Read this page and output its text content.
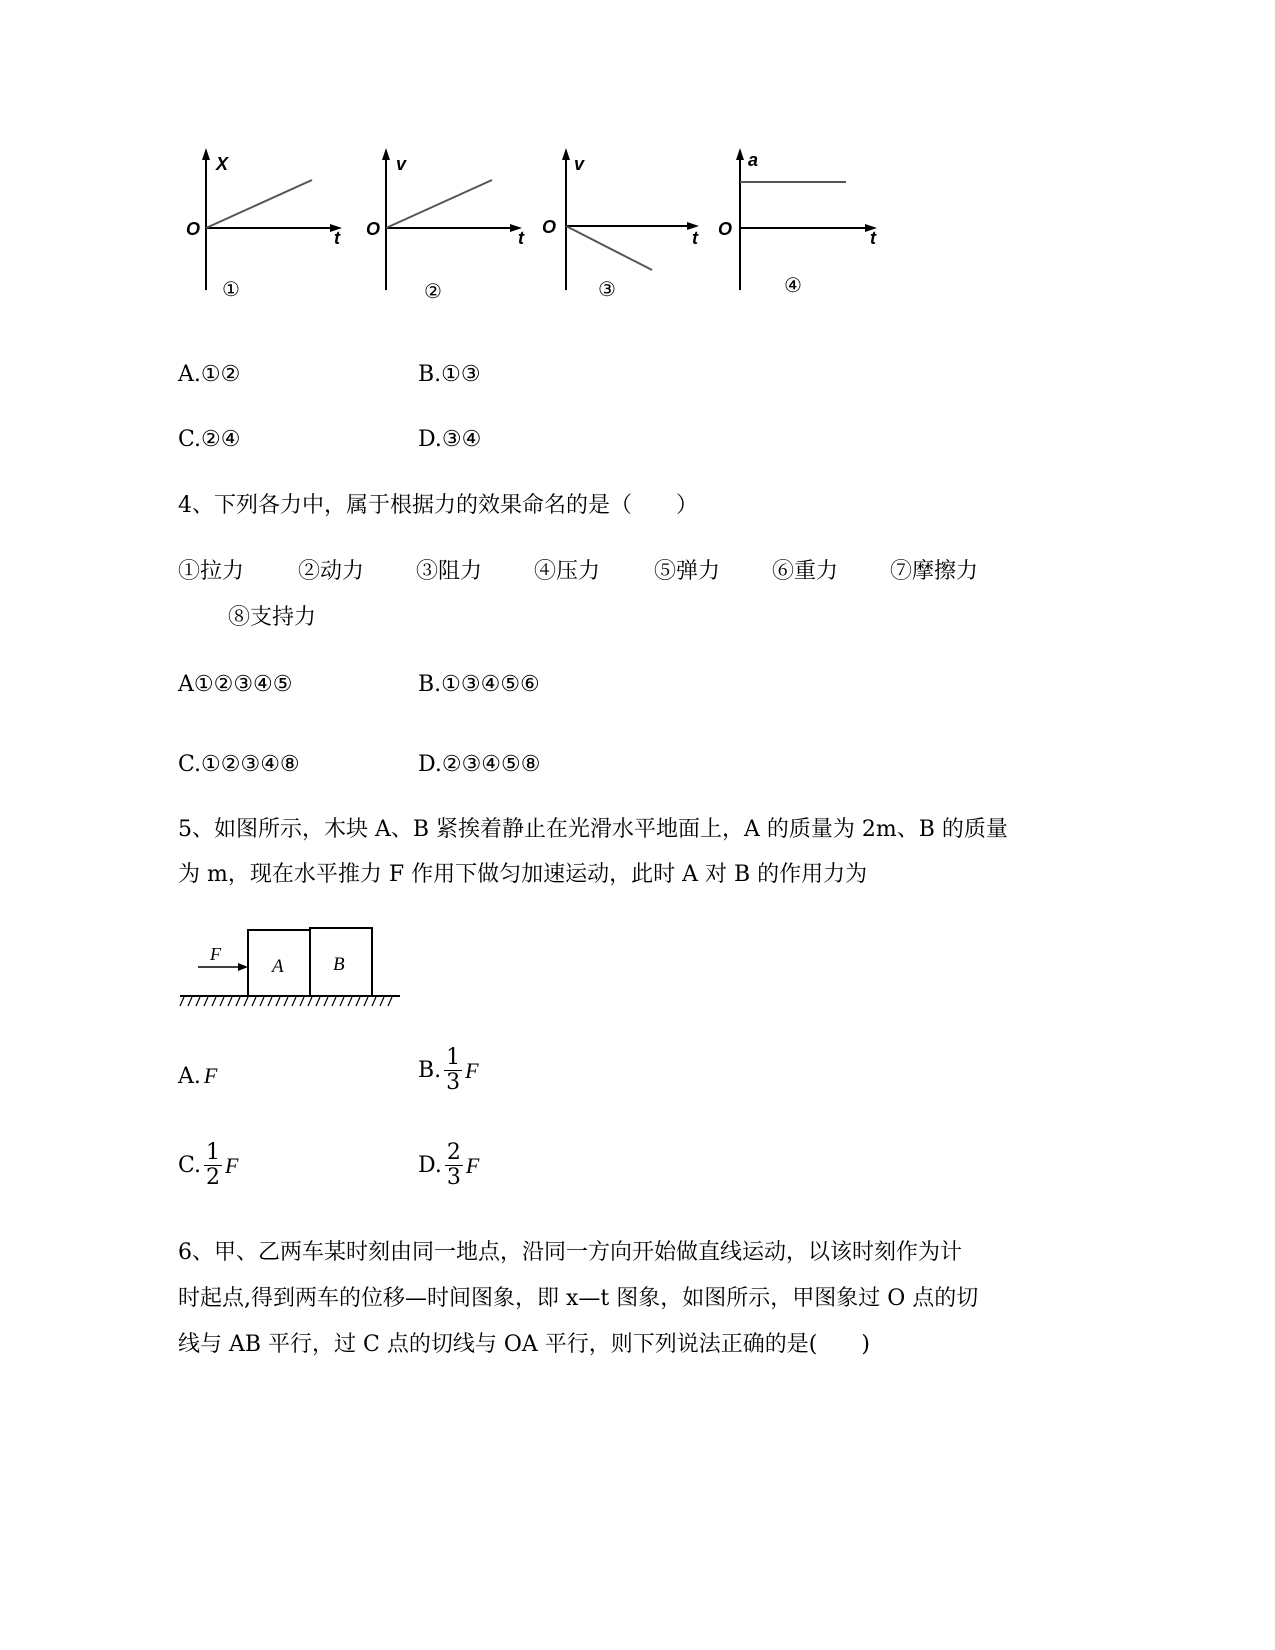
X
O	t
①
v
O	t
②
v
O
t
③
a
O	t
④
A.①②	B.①③
C.②④	D.③④
4、下列各力中，属于根据力的效果命名的是（　　）
①拉力 ②动力 ③阻力 ④压力 ⑤弹力 ⑥重力 ⑦摩擦力
⑧支持力
A①②③④⑤	B.①③④⑤⑥
C.①②③④⑧	D.②③④⑤⑧
5、如图所示，木块 A、B 紧挨着静止在光滑水平地面上，A 的质量为 2m、B 的质量
为 m，现在水平推力 F 作用下做匀加速运动，此时 A 对 B 的作用力为
F
A	B
A. F	B. $\frac{1}{3}$ F
C. $\frac{1}{2}$ F	D. $\frac{2}{3}$ F
6、甲、乙两车某时刻由同一地点，沿同一方向开始做直线运动，以该时刻作为计
时起点,得到两车的位移—时间图象，即 x—t 图象，如图所示，甲图象过 O 点的切
线与 AB 平行，过 C 点的切线与 OA 平行，则下列说法正确的是(　　)
